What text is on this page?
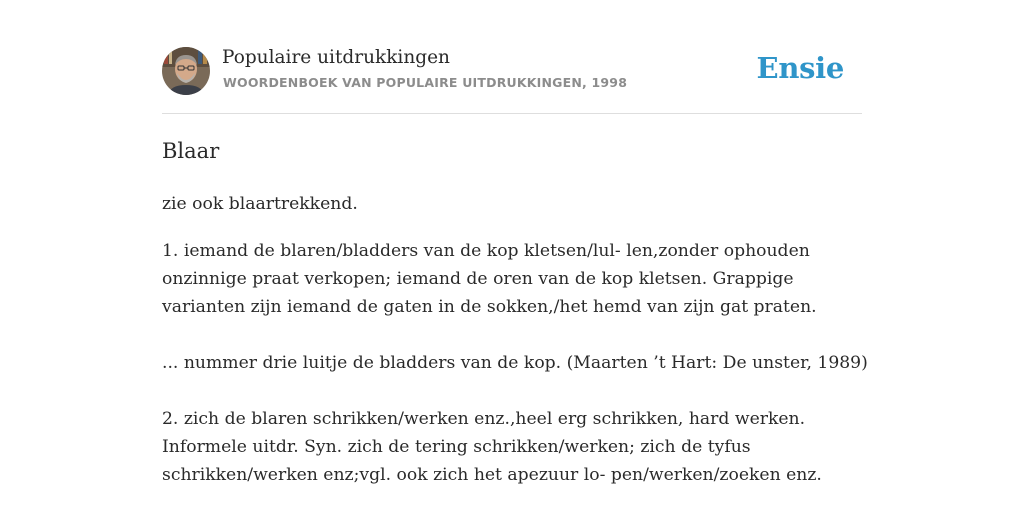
Populaire uitdrukkingen
WOORDENBOEK VAN POPULAIRE UITDRUKKINGEN, 1998	Ensie
Blaar

zie ook blaartrekkend.

1. iemand de blaren/bladders van de kop kletsen/lul- len,zonder ophouden
onzinnige praat verkopen; iemand de oren van de kop kletsen. Grappige
varianten zijn iemand de gaten in de sokken,/het hemd van zijn gat praten.

... nummer drie luitje de bladders van de kop. (Maarten ’t Hart: De unster, 1989)

2. zich de blaren schrikken/werken enz.,heel erg schrikken, hard werken.
Informele uitdr. Syn. zich de tering schrikken/werken; zich de tyfus
schrikken/werken enz;vgl. ook zich het apezuur lo- pen/werken/zoeken enz.
